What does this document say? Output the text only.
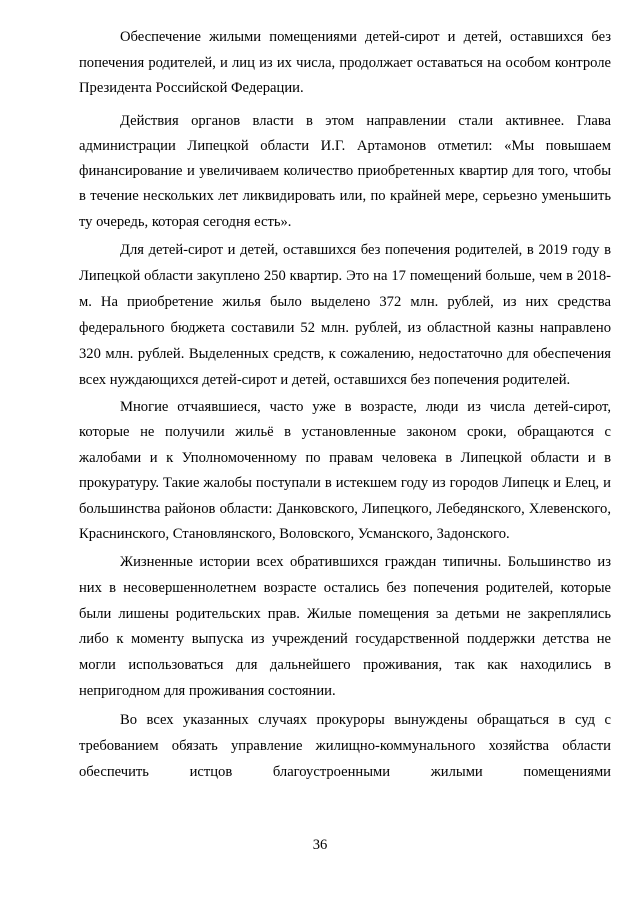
Обеспечение жилыми помещениями детей-сирот и детей, оставшихся без попечения родителей, и лиц из их числа, продолжает оставаться на особом контроле Президента Российской Федерации.

Действия органов власти в этом направлении стали активнее. Глава администрации Липецкой области И.Г. Артамонов отметил: «Мы повышаем финансирование и увеличиваем количество приобретенных квартир для того, чтобы в течение нескольких лет ликвидировать или, по крайней мере, серьезно уменьшить ту очередь, которая сегодня есть».

Для детей-сирот и детей, оставшихся без попечения родителей, в 2019 году в Липецкой области закуплено 250 квартир. Это на 17 помещений больше, чем в 2018-м. На приобретение жилья было выделено 372 млн. рублей, из них средства федерального бюджета составили 52 млн. рублей, из областной казны направлено 320 млн. рублей. Выделенных средств, к сожалению, недостаточно для обеспечения всех нуждающихся детей-сирот и детей, оставшихся без попечения родителей.

Многие отчаявшиеся, часто уже в возрасте, люди из числа детей-сирот, которые не получили жильё в установленные законом сроки, обращаются с жалобами и к Уполномоченному по правам человека в Липецкой области и в прокуратуру. Такие жалобы поступали в истекшем году из городов Липецк и Елец, и большинства районов области: Данковского, Липецкого, Лебедянского, Хлевенского, Краснинского, Становлянского, Воловского, Усманского, Задонского.

Жизненные истории всех обратившихся граждан типичны. Большинство из них в несовершеннолетнем возрасте остались без попечения родителей, которые были лишены родительских прав. Жилые помещения за детьми не закреплялись либо к моменту выпуска из учреждений государственной поддержки детства не могли использоваться для дальнейшего проживания, так как находились в непригодном для проживания состоянии.

Во всех указанных случаях прокуроры вынуждены обращаться в суд с требованием обязать управление жилищно-коммунального хозяйства области обеспечить истцов благоустроенными жилыми помещениями

36
